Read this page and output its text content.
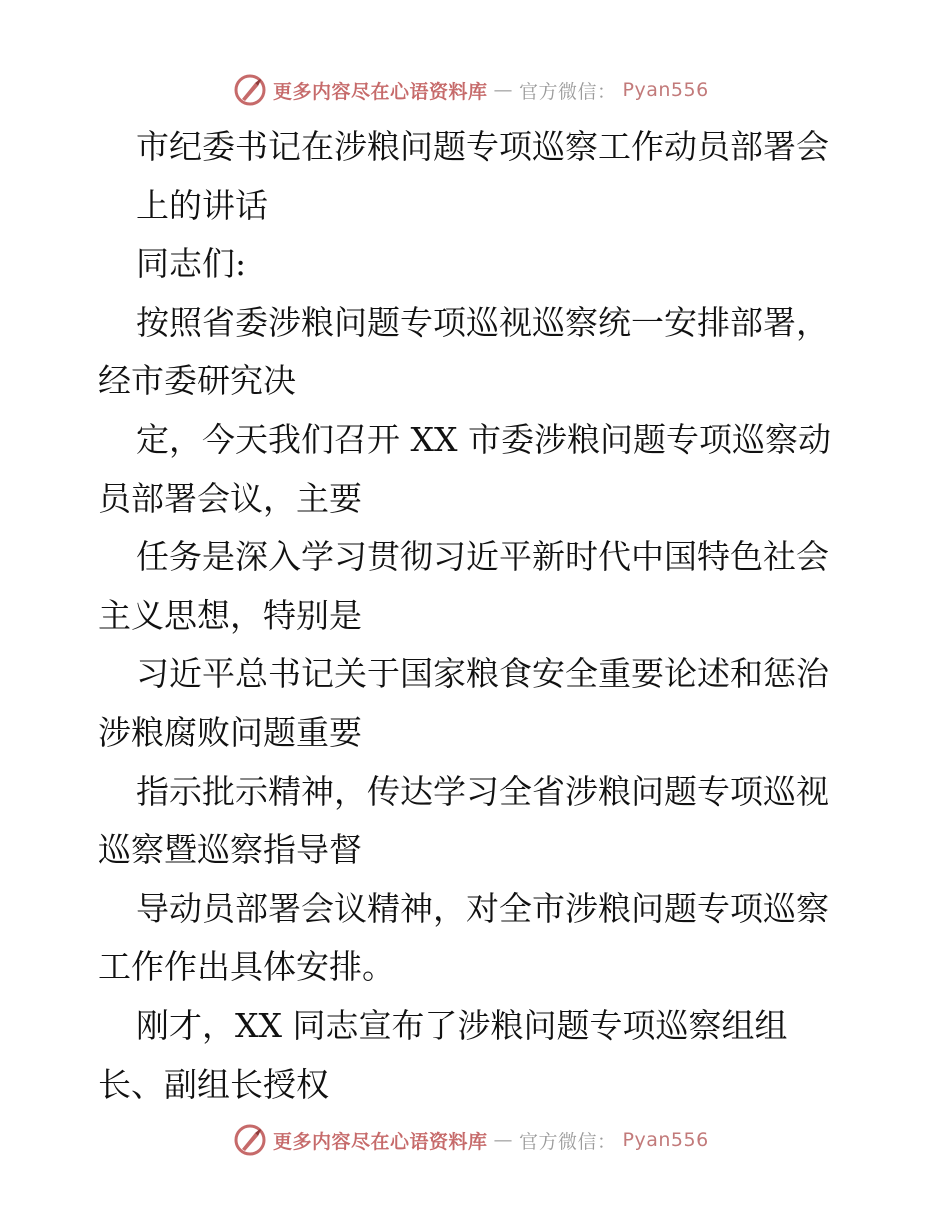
更多内容尽在心语资料库 — 官方微信： Pyan556
市纪委书记在涉粮问题专项巡察工作动员部署会
上的讲话
同志们:
按照省委涉粮问题专项巡视巡察统一安排部署，
经市委研究决
定，今天我们召开 XX 市委涉粮问题专项巡察动
员部署会议，主要
任务是深入学习贯彻习近平新时代中国特色社会
主义思想，特别是
习近平总书记关于国家粮食安全重要论述和惩治
涉粮腐败问题重要
指示批示精神，传达学习全省涉粮问题专项巡视
巡察暨巡察指导督
导动员部署会议精神，对全市涉粮问题专项巡察
工作作出具体安排。
刚才，XX 同志宣布了涉粮问题专项巡察组组
长、副组长授权
更多内容尽在心语资料库 — 官方微信： Pyan556
